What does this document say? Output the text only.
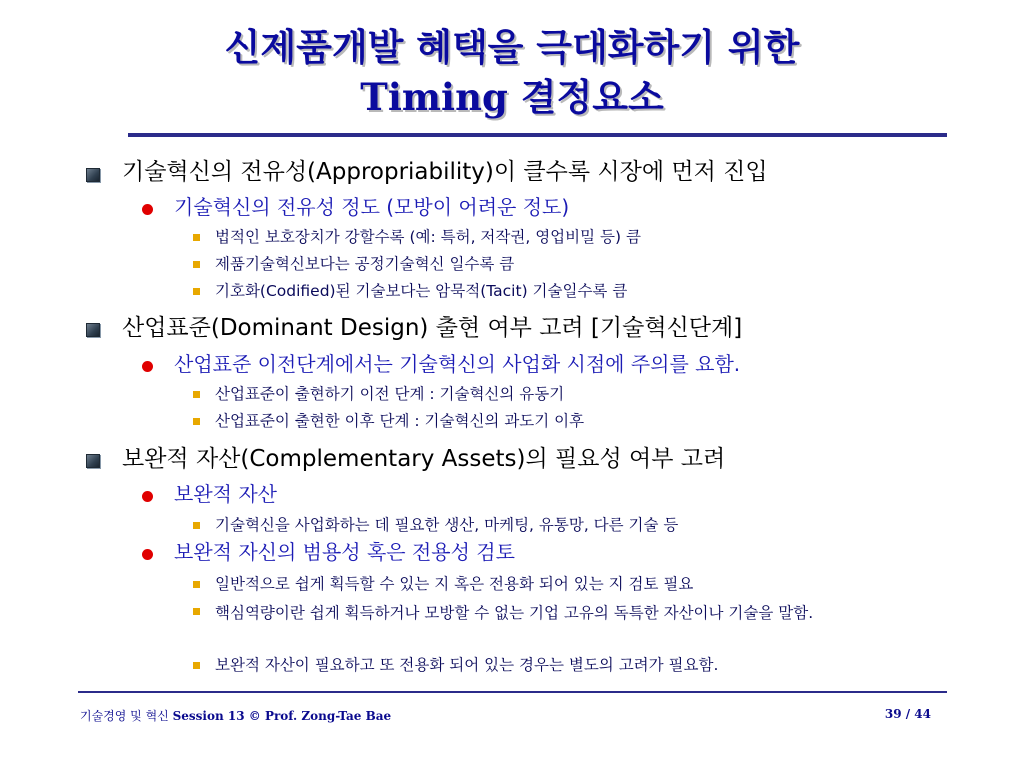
신제품개발 혜택을 극대화하기 위한
Timing 결정요소
기술혁신의 전유성(Appropriability)이 클수록 시장에 먼저 진입
기술혁신의 전유성 정도 (모방이 어려운 정도)
법적인 보호장치가 강할수록 (예: 특허, 저작권, 영업비밀 등) 큼
제품기술혁신보다는 공정기술혁신 일수록 큼
기호화(Codified)된 기술보다는 암묵적(Tacit) 기술일수록 큼
산업표준(Dominant Design) 출현 여부 고려 [기술혁신단계]
산업표준 이전단계에서는 기술혁신의 사업화 시점에 주의를 요함.
산업표준이 출현하기 이전 단계 : 기술혁신의 유동기
산업표준이 출현한 이후 단계 : 기술혁신의 과도기 이후
보완적 자산(Complementary Assets)의 필요성 여부 고려
보완적 자산
기술혁신을 사업화하는 데 필요한 생산, 마케팅, 유통망, 다른 기술 등
보완적 자신의 범용성 혹은 전용성 검토
일반적으로 쉽게 획득할 수 있는 지 혹은 전용화 되어 있는 지 검토 필요
핵심역량이란 쉽게 획득하거나 모방할 수 없는 기업 고유의 독특한 자산이나 기술을 말함.
보완적 자산이 필요하고 또 전용화 되어 있는 경우는 별도의 고려가 필요함.
기술경영 및 혁신 Session 13 © Prof. Zong-Tae Bae	39 / 44
